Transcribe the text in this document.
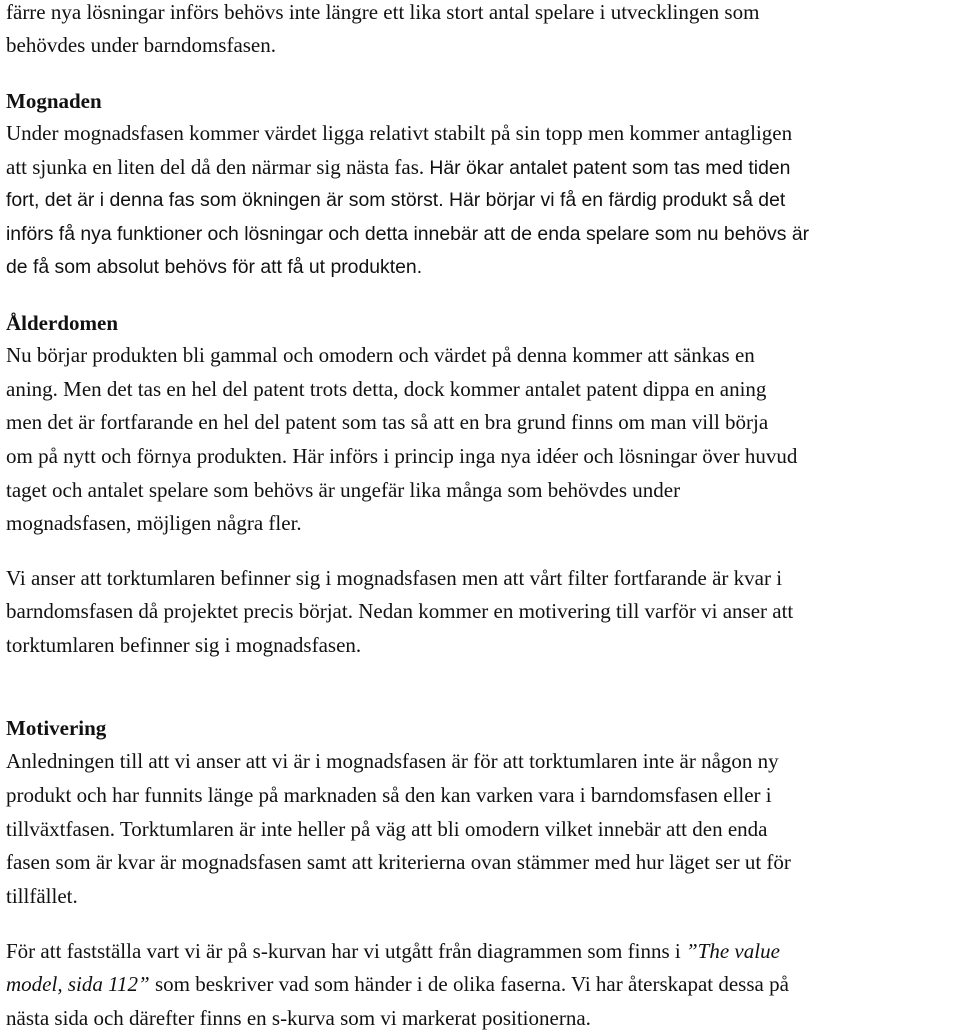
färre nya lösningar införs behövs inte längre ett lika stort antal spelare i utvecklingen som
behövdes under barndomsfasen.
Mognaden
Under mognadsfasen kommer värdet ligga relativt stabilt på sin topp men kommer antagligen
att sjunka en liten del då den närmar sig nästa fas. Här ökar antalet patent som tas med tiden
fort, det är i denna fas som ökningen är som störst. Här börjar vi få en färdig produkt så det
införs få nya funktioner och lösningar och detta innebär att de enda spelare som nu behövs är
de få som absolut behövs för att få ut produkten.
Ålderdomen
Nu börjar produkten bli gammal och omodern och värdet på denna kommer att sänkas en
aning. Men det tas en hel del patent trots detta, dock kommer antalet patent dippa en aning
men det är fortfarande en hel del patent som tas så att en bra grund finns om man vill börja
om på nytt och förnya produkten. Här införs i princip inga nya idéer och lösningar över huvud
taget och antalet spelare som behövs är ungefär lika många som behövdes under
mognadsfasen, möjligen några fler.
Vi anser att torktumlaren befinner sig i mognadsfasen men att vårt filter fortfarande är kvar i
barndomsfasen då projektet precis börjat. Nedan kommer en motivering till varför vi anser att
torktumlaren befinner sig i mognadsfasen.
Motivering
Anledningen till att vi anser att vi är i mognadsfasen är för att torktumlaren inte är någon ny
produkt och har funnits länge på marknaden så den kan varken vara i barndomsfasen eller i
tillväxtfasen. Torktumlaren är inte heller på väg att bli omodern vilket innebär att den enda
fasen som är kvar är mognadsfasen samt att kriterierna ovan stämmer med hur läget ser ut för
tillfället.
För att fastställa vart vi är på s-kurvan har vi utgått från diagrammen som finns i ”The value
model, sida 112” som beskriver vad som händer i de olika faserna. Vi har återskapat dessa på
nästa sida och därefter finns en s-kurva som vi markerat positionerna.
